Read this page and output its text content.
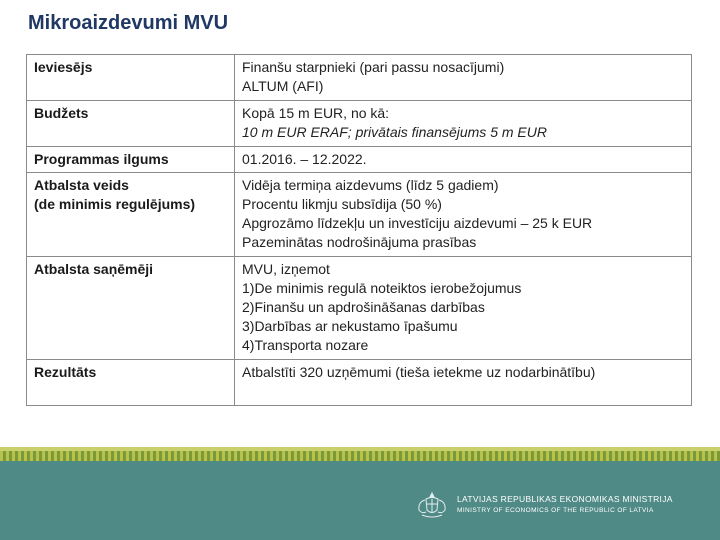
Mikroaizdevumi MVU
Ieviesējs	Finanšu starpnieki (pari passu nosacījumi)
ALTUM (AFI)

Budžets	Kopā 15 m EUR, no kā:
10 m EUR ERAF; privātais finansējums 5 m EUR

Programmas ilgums	01.2016. – 12.2022.

Atbalsta veids
(de minimis regulējums)	Vidēja termiņa aizdevums (līdz 5 gadiem)
Procentu likmju subsīdija (50 %)
Apgrozāmo līdzekļu un investīciju aizdevumi – 25 k EUR
Pazeminātas nodrošinājuma prasības

Atbalsta saņēmēji	MVU, izņemot
1)De minimis regulā noteiktos ierobežojumus
2)Finanšu un apdrošināšanas darbības
3)Darbības ar nekustamo īpašumu
4)Transporta nozare

Rezultāts	Atbalstīti 320 uzņēmumi (tieša ietekme uz nodarbinātību)
LATVIJAS REPUBLIKAS EKONOMIKAS MINISTRIJA
MINISTRY OF ECONOMICS OF THE REPUBLIC OF LATVIA
